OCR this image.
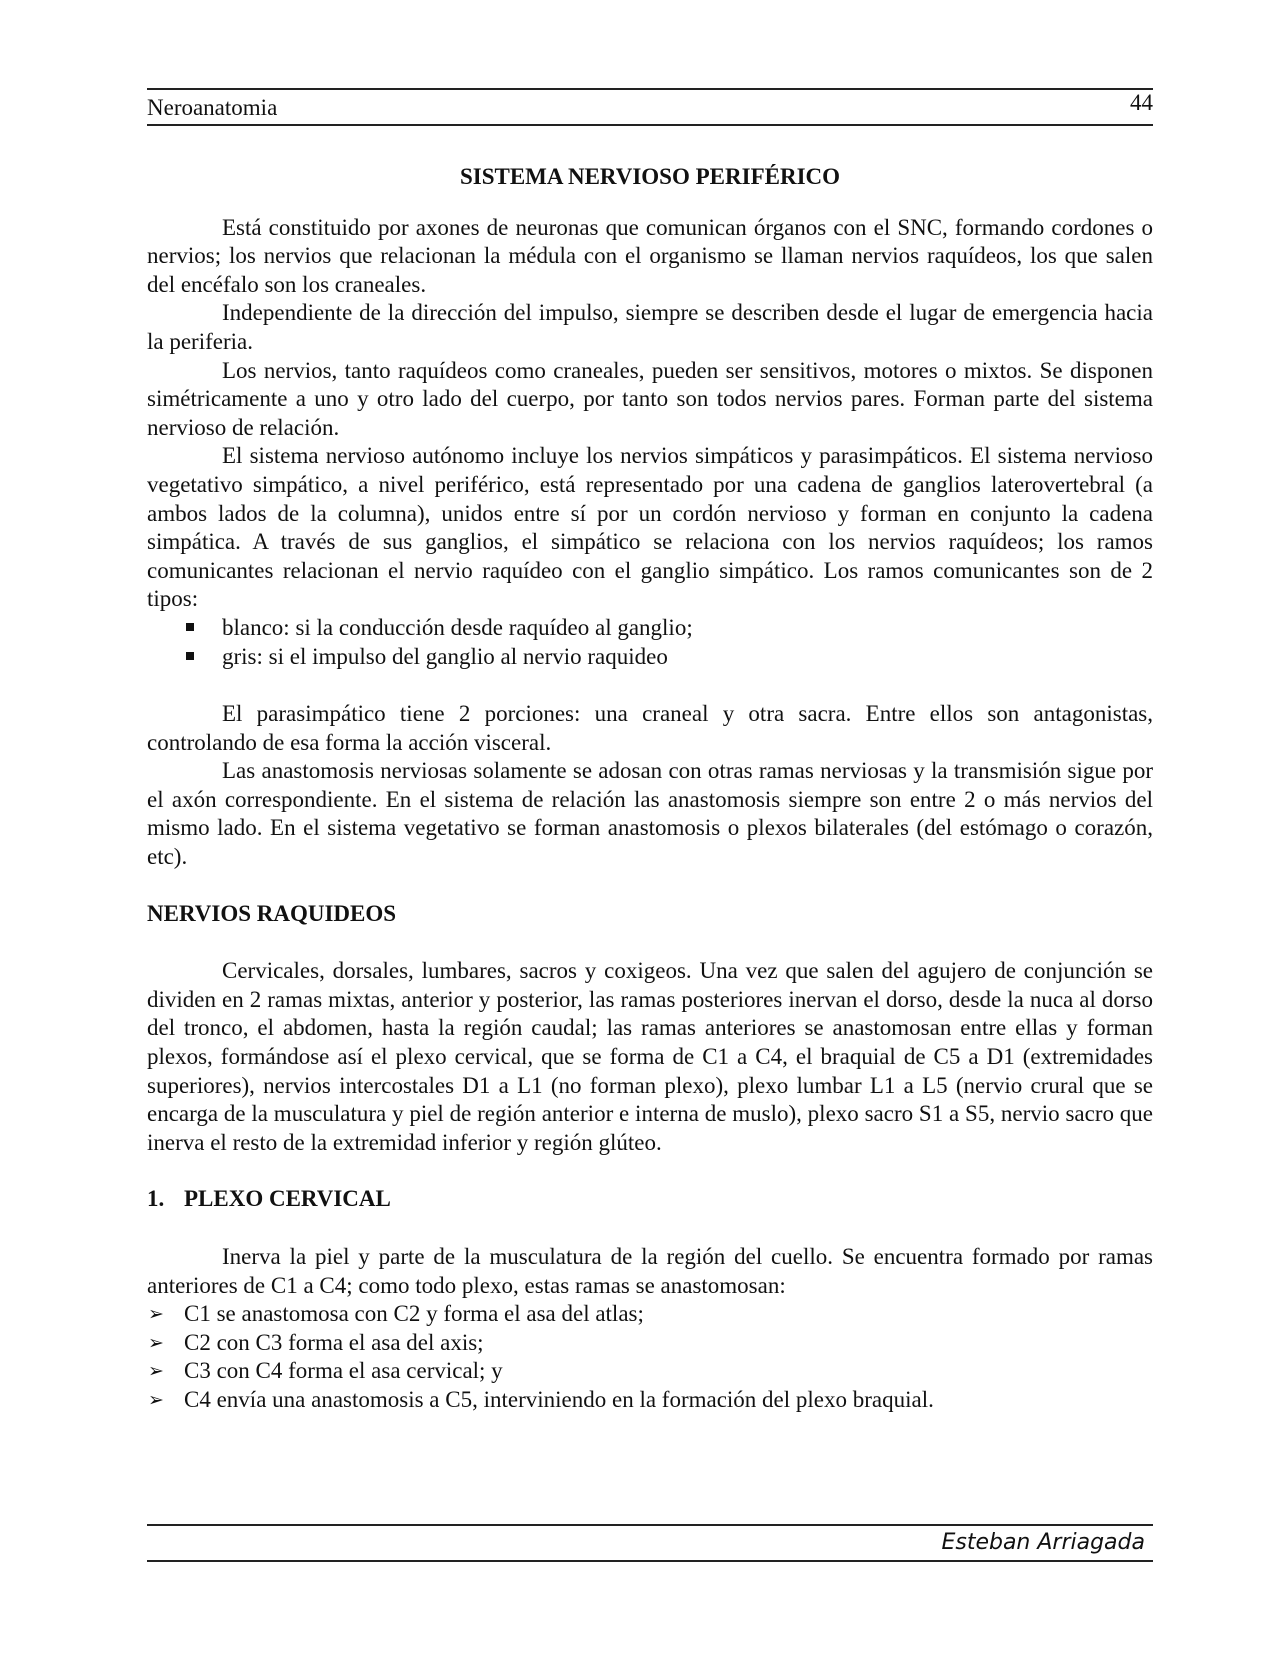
Neroanatomia	44
SISTEMA NERVIOSO PERIFÉRICO

Está constituido por axones de neuronas que comunican órganos con el SNC, formando cordones o nervios; los nervios que relacionan la médula con el organismo se llaman nervios raquídeos, los que salen del encéfalo son los craneales.

Independiente de la dirección del impulso, siempre se describen desde el lugar de emergencia hacia la periferia.

Los nervios, tanto raquídeos como craneales, pueden ser sensitivos, motores o mixtos. Se disponen simétricamente a uno y otro lado del cuerpo, por tanto son todos nervios pares. Forman parte del sistema nervioso de relación.

El sistema nervioso autónomo incluye los nervios simpáticos y parasimpáticos. El sistema nervioso vegetativo simpático, a nivel periférico, está representado por una cadena de ganglios laterovertebral (a ambos lados de la columna), unidos entre sí por un cordón nervioso y forman en conjunto la cadena simpática. A través de sus ganglios, el simpático se relaciona con los nervios raquídeos; los ramos comunicantes relacionan el nervio raquídeo con el ganglio simpático. Los ramos comunicantes son de 2 tipos:

blanco: si la conducción desde raquídeo al ganglio;
gris: si el impulso del ganglio al nervio raquideo

El parasimpático tiene 2 porciones: una craneal y otra sacra. Entre ellos son antagonistas, controlando de esa forma la acción visceral.

Las anastomosis nerviosas solamente se adosan con otras ramas nerviosas y la transmisión sigue por el axón correspondiente. En el sistema de relación las anastomosis siempre son entre 2 o más nervios del mismo lado. En el sistema vegetativo se forman anastomosis o plexos bilaterales (del estómago o corazón, etc).

NERVIOS RAQUIDEOS

Cervicales, dorsales, lumbares, sacros y coxigeos. Una vez que salen del agujero de conjunción se dividen en 2 ramas mixtas, anterior y posterior, las ramas posteriores inervan el dorso, desde la nuca al dorso del tronco, el abdomen, hasta la región caudal; las ramas anteriores se anastomosan entre ellas y forman plexos, formándose así el plexo cervical, que se forma de C1 a C4, el braquial de C5 a D1 (extremidades superiores), nervios intercostales D1 a L1 (no forman plexo), plexo lumbar L1 a L5 (nervio crural que se encarga de la musculatura y piel de región anterior e interna de muslo), plexo sacro S1 a S5, nervio sacro que inerva el resto de la extremidad inferior y región glúteo.

1. PLEXO CERVICAL

Inerva la piel y parte de la musculatura de la región del cuello. Se encuentra formado por ramas anteriores de C1 a C4; como todo plexo, estas ramas se anastomosan:

➢ C1 se anastomosa con C2 y forma el asa del atlas;
➢ C2 con C3 forma el asa del axis;
➢ C3 con C4 forma el asa cervical; y
➢ C4 envía una anastomosis a C5, interviniendo en la formación del plexo braquial.
Esteban Arriagada
